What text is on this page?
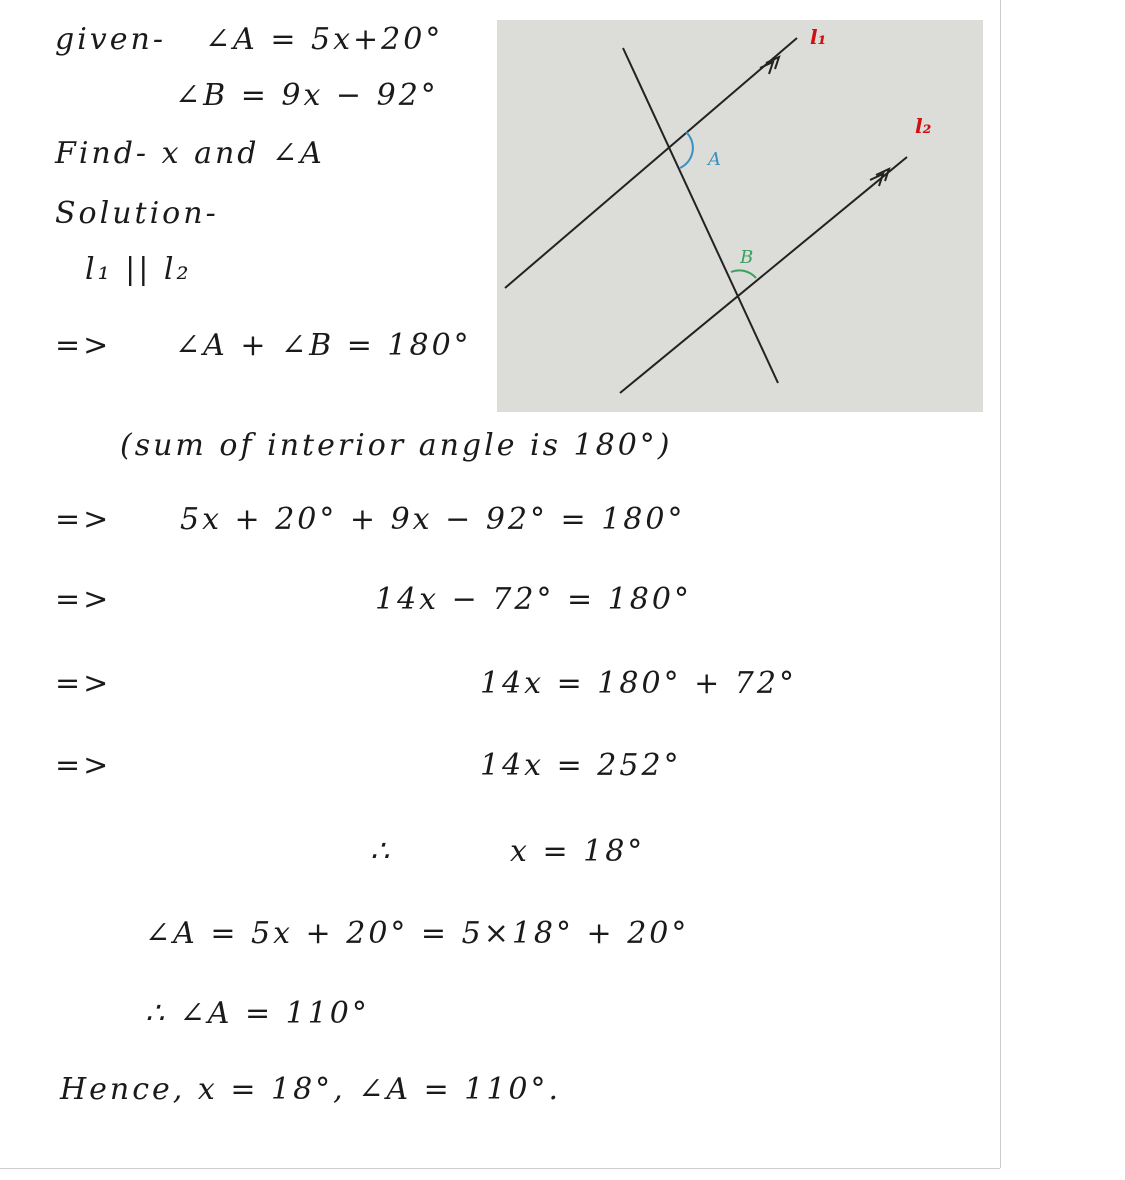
given- ∠A = 5x+20°
∠B = 9x − 92°
Find- x and ∠A
Solution-
l₁ || l₂
=> ∠A + ∠B = 180°
(sum of interior angle is 180°)
=> 5x + 20° + 9x − 92° = 180°
=>	14x − 72° = 180°
=>	14x = 180° + 72°
=>	14x = 252°
∴	x = 18°
∠A = 5x + 20° = 5×18° + 20°
∴ ∠A = 110°
Hence, x = 18°, ∠A = 110°.
A
B
l₁
l₂
